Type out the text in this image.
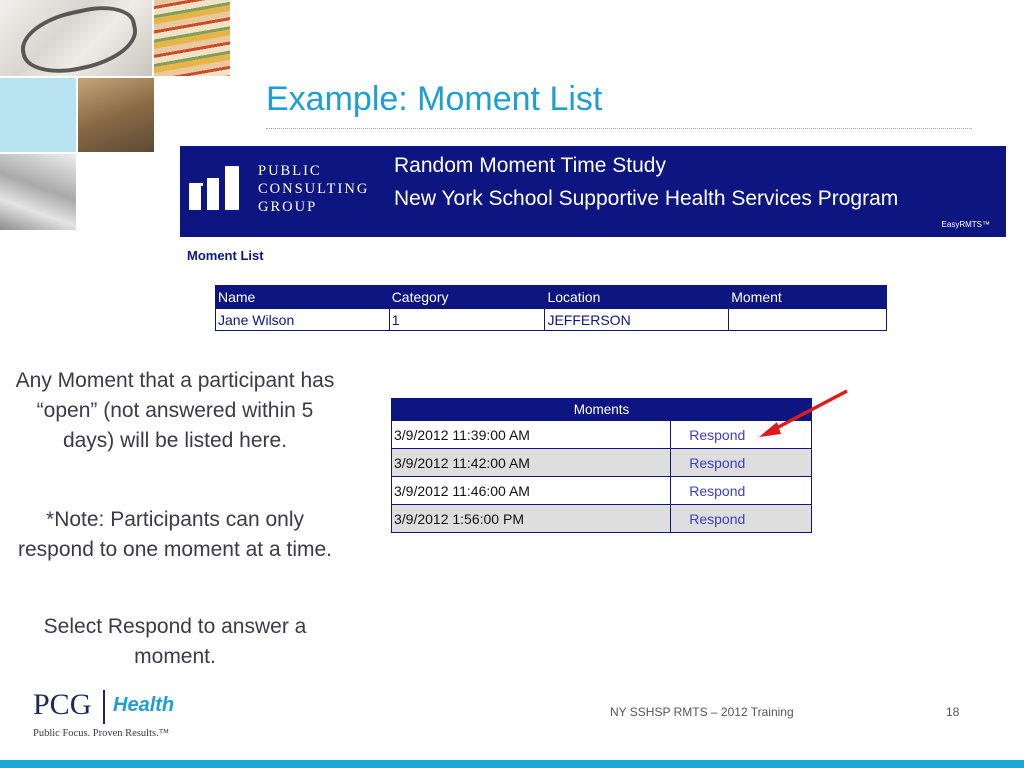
Example: Moment List
PUBLIC
CONSULTING
GROUP
Random Moment Time Study
New York School Supportive Health Services Program
EasyRMTS™
Moment List
Name	Category	Location	Moment
Jane Wilson	1	JEFFERSON	
Moments	
3/9/2012 11:39:00 AM	Respond
3/9/2012 11:42:00 AM	Respond
3/9/2012 11:46:00 AM	Respond
3/9/2012 1:56:00 PM	Respond
Any Moment that a participant has “open” (not answered within 5 days) will be listed here.
*Note: Participants can only respond to one moment at a time.
Select Respond to answer a moment.
PCG Health
Public Focus. Proven Results.™
NY SSHSP RMTS – 2012 Training	18
